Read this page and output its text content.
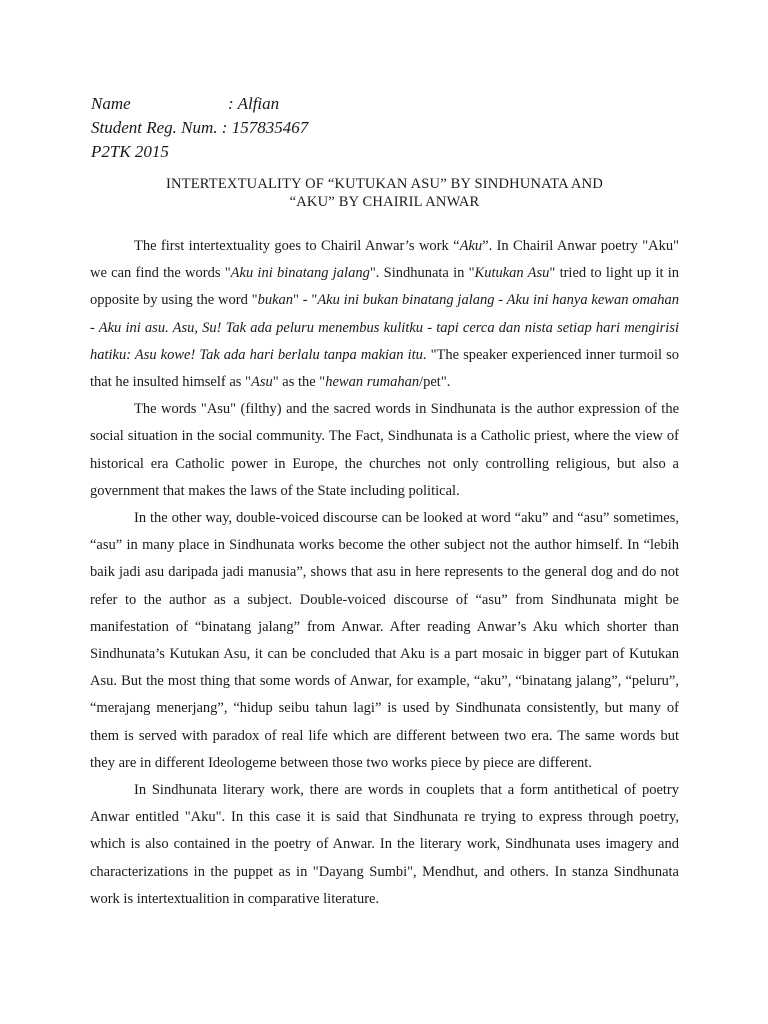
Name	: Alfian
Student Reg. Num. : 157835467
P2TK 2015
INTERTEXTUALITY OF “KUTUKAN ASU” BY SINDHUNATA AND
“AKU” BY CHAIRIL ANWAR

The first intertextuality goes to Chairil Anwar’s work “Aku”. In Chairil Anwar poetry "Aku" we can find the words "Aku ini binatang jalang". Sindhunata in "Kutukan Asu" tried to light up it in opposite by using the word "bukan" - "Aku ini bukan binatang jalang - Aku ini hanya kewan omahan - Aku ini asu. Asu, Su! Tak ada peluru menembus kulitku - tapi cerca dan nista setiap hari mengirisi hatiku: Asu kowe! Tak ada hari berlalu tanpa makian itu. "The speaker experienced inner turmoil so that he insulted himself as "Asu" as the "hewan rumahan/pet".

The words "Asu" (filthy) and the sacred words in Sindhunata is the author expression of the social situation in the social community. The Fact, Sindhunata is a Catholic priest, where the view of historical era Catholic power in Europe, the churches not only controlling religious, but also a government that makes the laws of the State including political.

In the other way, double-voiced discourse can be looked at word “aku” and “asu” sometimes, “asu” in many place in Sindhunata works become the other subject not the author himself. In “lebih baik jadi asu daripada jadi manusia”, shows that asu in here represents to the general dog and do not refer to the author as a subject. Double-voiced discourse of “asu” from Sindhunata might be manifestation of “binatang jalang” from Anwar. After reading Anwar’s Aku which shorter than Sindhunata’s Kutukan Asu, it can be concluded that Aku is a part mosaic in bigger part of Kutukan Asu. But the most thing that some words of Anwar, for example, “aku”, “binatang jalang”, “peluru”, “merajang menerjang”, “hidup seibu tahun lagi” is used by Sindhunata consistently, but many of them is served with paradox of real life which are different between two era. The same words but they are in different Ideologeme between those two works piece by piece are different.

In Sindhunata literary work, there are words in couplets that a form antithetical of poetry Anwar entitled "Aku". In this case it is said that Sindhunata re trying to express through poetry, which is also contained in the poetry of Anwar. In the literary work, Sindhunata uses imagery and characterizations in the puppet as in "Dayang Sumbi", Mendhut, and others. In stanza Sindhunata work is intertextualition in comparative literature.
